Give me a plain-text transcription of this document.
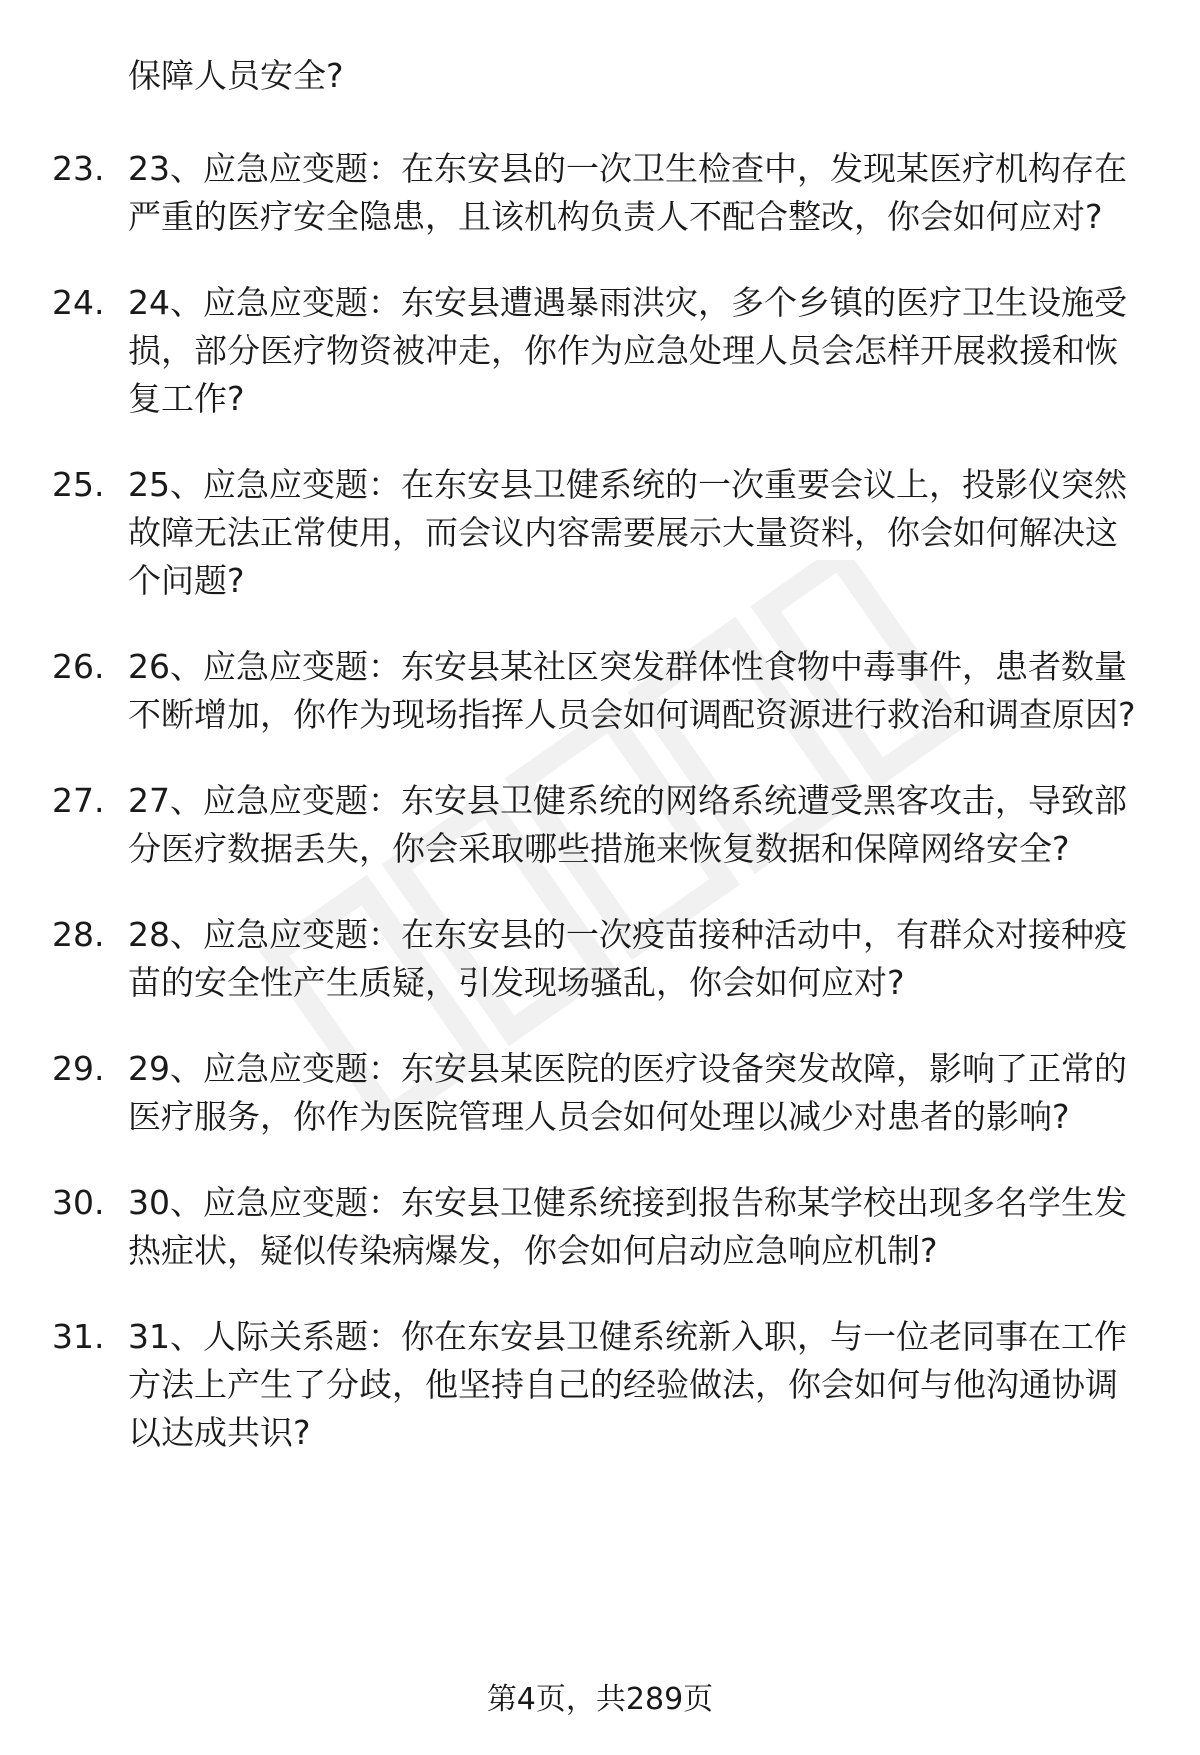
保障人员安全?
23. 23、应急应变题：在东安县的一次卫生检查中，发现某医疗机构存在严重的医疗安全隐患，且该机构负责人不配合整改，你会如何应对?
24. 24、应急应变题：东安县遭遇暴雨洪灾，多个乡镇的医疗卫生设施受损，部分医疗物资被冲走，你作为应急处理人员会怎样开展救援和恢复工作?
25. 25、应急应变题：在东安县卫健系统的一次重要会议上，投影仪突然故障无法正常使用，而会议内容需要展示大量资料，你会如何解决这个问题?
26. 26、应急应变题：东安县某社区突发群体性食物中毒事件，患者数量不断增加，你作为现场指挥人员会如何调配资源进行救治和调查原因?
27. 27、应急应变题：东安县卫健系统的网络系统遭受黑客攻击，导致部分医疗数据丢失，你会采取哪些措施来恢复数据和保障网络安全?
28. 28、应急应变题：在东安县的一次疫苗接种活动中，有群众对接种疫苗的安全性产生质疑，引发现场骚乱，你会如何应对?
29. 29、应急应变题：东安县某医院的医疗设备突发故障，影响了正常的医疗服务，你作为医院管理人员会如何处理以减少对患者的影响?
30. 30、应急应变题：东安县卫健系统接到报告称某学校出现多名学生发热症状，疑似传染病爆发，你会如何启动应急响应机制?
31. 31、人际关系题：你在东安县卫健系统新入职，与一位老同事在工作方法上产生了分歧，他坚持自己的经验做法，你会如何与他沟通协调以达成共识?
第4页，共289页
